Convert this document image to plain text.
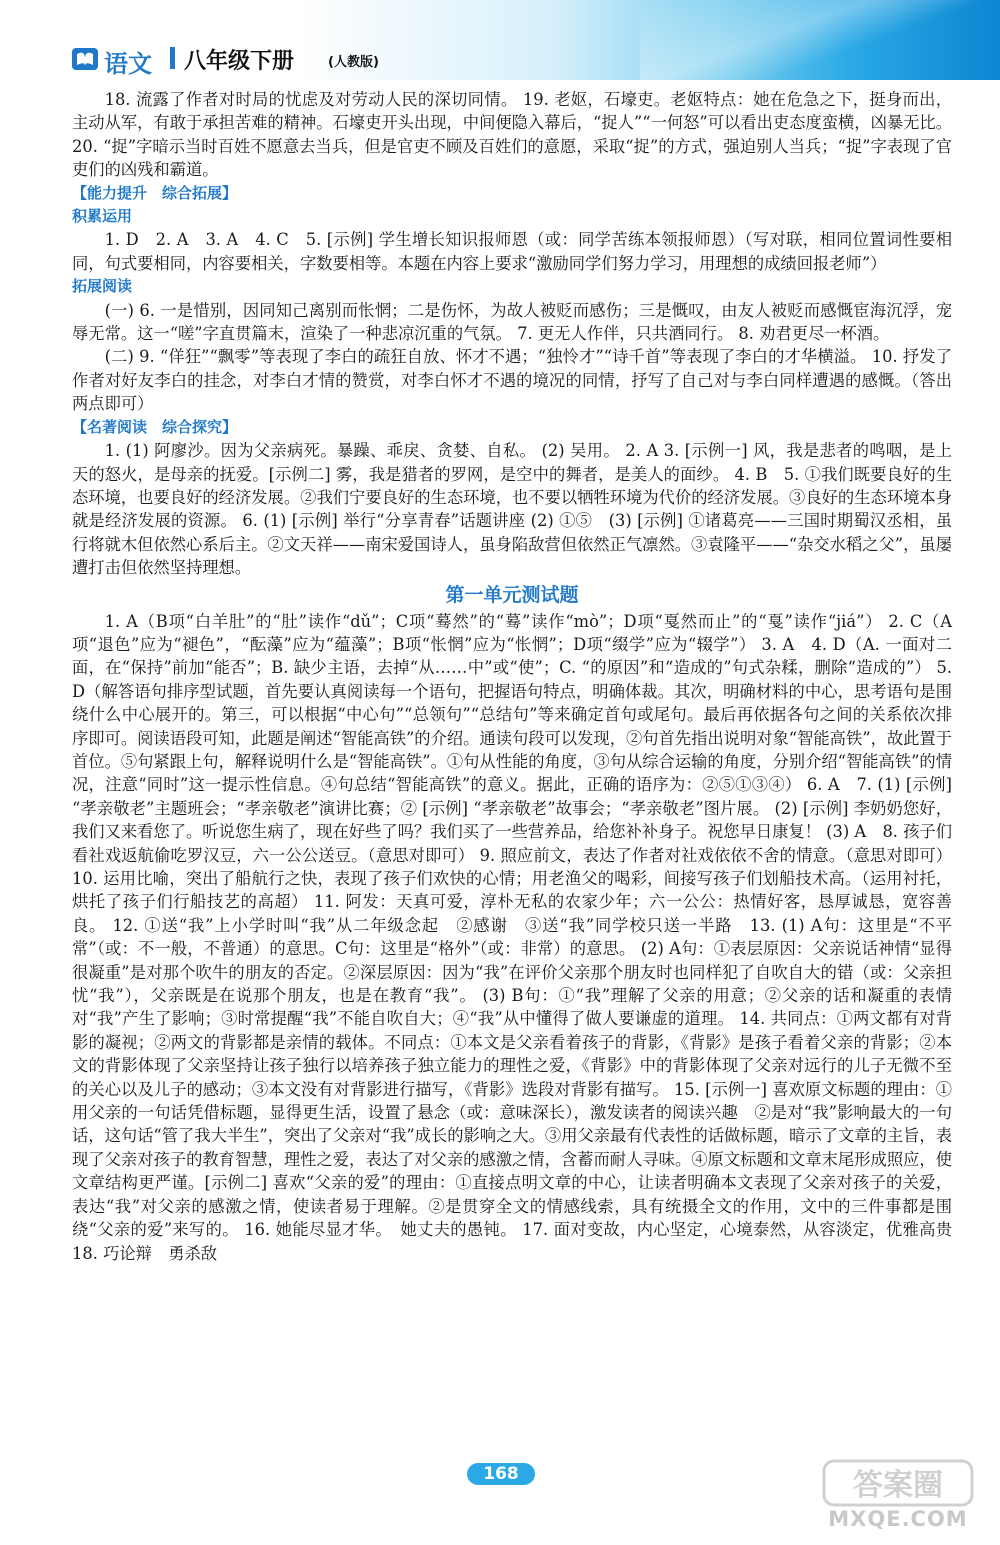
语文 八年级下册	(人教版)

18. 流露了作者对时局的忧虑及对劳动人民的深切同情。 19. 老妪，石壕吏。老妪特点：她在危急之下，挺身而出，主动从军，有敢于承担苦难的精神。石壕吏开头出现，中间便隐入幕后，“捉人”“一何怒”可以看出吏态度蛮横，凶暴无比。 20. “捉”字暗示当时百姓不愿意去当兵，但是官吏不顾及百姓们的意愿，采取“捉”的方式，强迫别人当兵；“捉”字表现了官吏们的凶残和霸道。

【能力提升　综合拓展】

积累运用

1. D　2. A　3. A　4. C　5. [示例] 学生增长知识报师恩（或：同学苦练本领报师恩）（写对联，相同位置词性要相同，句式要相同，内容要相关，字数要相等。本题在内容上要求“激励同学们努力学习，用理想的成绩回报老师”）

拓展阅读

(一) 6. 一是惜别，因同知己离别而怅惘；二是伤怀，为故人被贬而感伤；三是慨叹，由友人被贬而感慨宦海沉浮，宠辱无常。这一“嗟”字直贯篇末，渲染了一种悲凉沉重的气氛。 7. 更无人作伴，只共酒同行。 8. 劝君更尽一杯酒。

(二) 9. “佯狂”“飘零”等表现了李白的疏狂自放、怀才不遇；“独怜才”“诗千首”等表现了李白的才华横溢。 10. 抒发了作者对好友李白的挂念，对李白才情的赞赏，对李白怀才不遇的境况的同情，抒写了自己对与李白同样遭遇的感慨。（答出两点即可）

【名著阅读　综合探究】

1. (1) 阿廖沙。因为父亲病死。暴躁、乖戾、贪婪、自私。 (2) 吴用。 2. A 3. [示例一] 风，我是悲者的鸣咽，是上天的怒火，是母亲的抚爱。[示例二] 雾，我是猎者的罗网，是空中的舞者，是美人的面纱。 4. B　5. ①我们既要良好的生态环境，也要良好的经济发展。②我们宁要良好的生态环境，也不要以牺牲环境为代价的经济发展。③良好的生态环境本身就是经济发展的资源。 6. (1) [示例] 举行“分享青春”话题讲座 (2) ①⑤　(3) [示例] ①诸葛亮——三国时期蜀汉丞相，虽行将就木但依然心系后主。②文天祥——南宋爱国诗人，虽身陷敌营但依然正气凛然。③袁隆平——“杂交水稻之父”，虽屡遭打击但依然坚持理想。

第一单元测试题

1. A（B项“白羊肚”的“肚”读作“dǔ”；C项“蓦然”的“蓦”读作“mò”；D项“戛然而止”的“戛”读作“jiá”） 2. C（A项“退色”应为“褪色”，“酝藻”应为“蕴藻”；B项“怅惘”应为“怅惘”；D项“缀学”应为“辍学”） 3. A　4. D（A. 一面对二面，在“保持”前加“能否”；B. 缺少主语，去掉“从……中”或“使”；C. “的原因”和“造成的”句式杂糅，删除“造成的”） 5. D（解答语句排序型试题，首先要认真阅读每一个语句，把握语句特点，明确体裁。其次，明确材料的中心，思考语句是围绕什么中心展开的。第三，可以根据“中心句”“总领句”“总结句”等来确定首句或尾句。最后再依据各句之间的关系依次排序即可。阅读语段可知，此题是阐述“智能高铁”的介绍。通读句段可以发现，②句首先指出说明对象“智能高铁”，故此置于首位。⑤句紧跟上句，解释说明什么是“智能高铁”。①句从性能的角度，③句从综合运输的角度，分别介绍“智能高铁”的情况，注意“同时”这一提示性信息。④句总结“智能高铁”的意义。据此，正确的语序为：②⑤①③④） 6. A　7. (1) [示例] “孝亲敬老”主题班会；“孝亲敬老”演讲比赛；② [示例] “孝亲敬老”故事会；“孝亲敬老”图片展。 (2) [示例] 李奶奶您好，我们又来看您了。听说您生病了，现在好些了吗？我们买了一些营养品，给您补补身子。祝您早日康复！ (3) A　8. 孩子们看社戏返航偷吃罗汉豆，六一公公送豆。（意思对即可） 9. 照应前文，表达了作者对社戏依依不舍的情意。（意思对即可） 10. 运用比喻，突出了船航行之快，表现了孩子们欢快的心情；用老渔父的喝彩，间接写孩子们划船技术高。（运用衬托，烘托了孩子们行船技艺的高超） 11. 阿发：天真可爱，淳朴无私的农家少年；六一公公：热情好客，恳厚诚恳，宽容善良。 12. ①送“我”上小学时叫“我”从二年级念起　②感谢　③送“我”同学校只送一半路　13. (1) A句：这里是“不平常”（或：不一般，不普通）的意思。C句：这里是“格外”（或：非常）的意思。 (2) A句：①表层原因：父亲说话神情“显得很凝重”是对那个吹牛的朋友的否定。②深层原因：因为“我”在评价父亲那个朋友时也同样犯了自吹自大的错（或：父亲担忧“我”），父亲既是在说那个朋友，也是在教育“我”。 (3) B句：①“我”理解了父亲的用意；②父亲的话和凝重的表情对“我”产生了影响；③时常提醒“我”不能自吹自大；④“我”从中懂得了做人要谦虚的道理。 14. 共同点：①两文都有对背影的凝视；②两文的背影都是亲情的载体。不同点：①本文是父亲看着孩子的背影，《背影》是孩子看着父亲的背影；②本文的背影体现了父亲坚持让孩子独行以培养孩子独立能力的理性之爱，《背影》中的背影体现了父亲对远行的儿子无微不至的关心以及儿子的感动；③本文没有对背影进行描写，《背影》选段对背影有描写。 15. [示例一] 喜欢原文标题的理由：①用父亲的一句话凭借标题，显得更生活，设置了悬念（或：意味深长），激发读者的阅读兴趣　②是对“我”影响最大的一句话，这句话“管了我大半生”，突出了父亲对“我”成长的影响之大。③用父亲最有代表性的话做标题，暗示了文章的主旨，表现了父亲对孩子的教育智慧，理性之爱，表达了对父亲的感激之情，含蓄而耐人寻味。④原文标题和文章末尾形成照应，使文章结构更严谨。[示例二] 喜欢“父亲的爱”的理由：①直接点明文章的中心，让读者明确本文表现了父亲对孩子的关爱，表达“我”对父亲的感激之情，使读者易于理解。②是贯穿全文的情感线索，具有统摄全文的作用，文中的三件事都是围绕“父亲的爱”来写的。 16. 她能尽显才华。　她丈夫的愚钝。 17. 面对变故，内心坚定，心境泰然，从容淡定，优雅高贵　18. 巧论辩　勇杀敌

168	答案圈
MXQE.COM
